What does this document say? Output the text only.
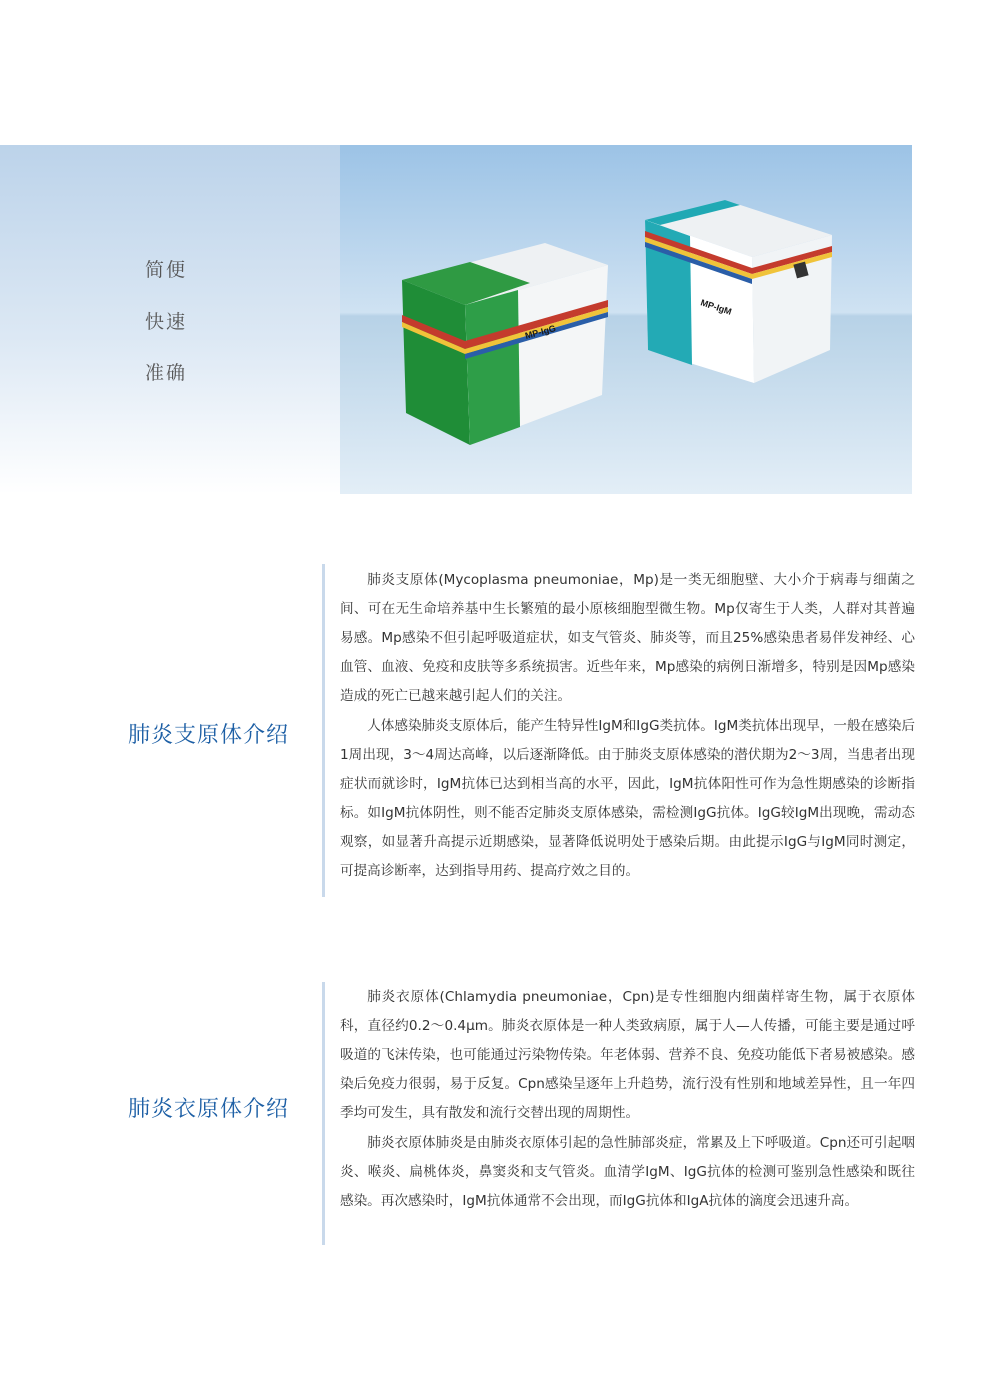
简便
快速
准确
MP-IgG
MP-IgM
肺炎支原体介绍

肺炎支原体(Mycoplasma pneumoniae，Mp)是一类无细胞壁、大小介于病毒与细菌之间、可在无生命培养基中生长繁殖的最小原核细胞型微生物。Mp仅寄生于人类，人群对其普遍易感。Mp感染不但引起呼吸道症状，如支气管炎、肺炎等，而且25%感染患者易伴发神经、心血管、血液、免疫和皮肤等多系统损害。近些年来，Mp感染的病例日渐增多，特别是因Mp感染造成的死亡已越来越引起人们的关注。

人体感染肺炎支原体后，能产生特异性IgM和IgG类抗体。IgM类抗体出现早，一般在感染后1周出现，3～4周达高峰，以后逐渐降低。由于肺炎支原体感染的潜伏期为2～3周，当患者出现症状而就诊时，IgM抗体已达到相当高的水平，因此，IgM抗体阳性可作为急性期感染的诊断指标。如IgM抗体阴性，则不能否定肺炎支原体感染，需检测IgG抗体。IgG较IgM出现晚，需动态观察，如显著升高提示近期感染，显著降低说明处于感染后期。由此提示IgG与IgM同时测定，可提高诊断率，达到指导用药、提高疗效之目的。

肺炎衣原体介绍

肺炎衣原体(Chlamydia pneumoniae，Cpn)是专性细胞内细菌样寄生物，属于衣原体科，直径约0.2～0.4μm。肺炎衣原体是一种人类致病原，属于人—人传播，可能主要是通过呼吸道的飞沫传染，也可能通过污染物传染。年老体弱、营养不良、免疫功能低下者易被感染。感染后免疫力很弱，易于反复。Cpn感染呈逐年上升趋势，流行没有性别和地域差异性，且一年四季均可发生，具有散发和流行交替出现的周期性。

肺炎衣原体肺炎是由肺炎衣原体引起的急性肺部炎症，常累及上下呼吸道。Cpn还可引起咽炎、喉炎、扁桃体炎，鼻窦炎和支气管炎。血清学IgM、IgG抗体的检测可鉴别急性感染和既往感染。再次感染时，IgM抗体通常不会出现，而IgG抗体和IgA抗体的滴度会迅速升高。
